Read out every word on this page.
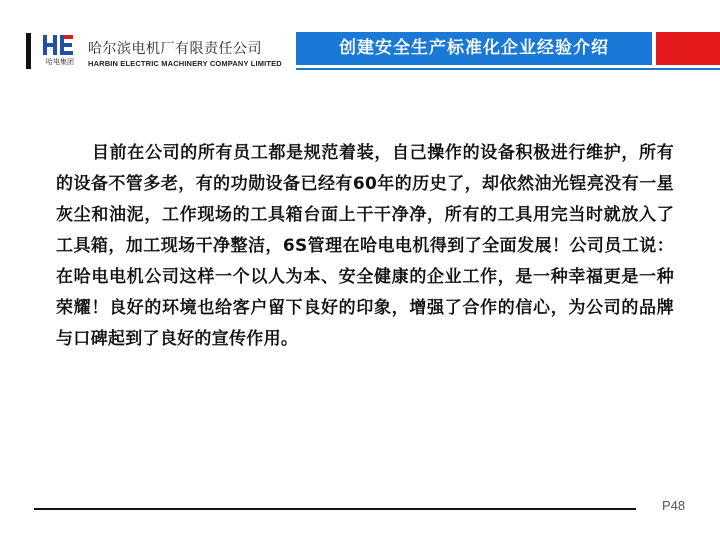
哈电集团
哈尔滨电机厂有限责任公司
HARBIN ELECTRIC MACHINERY COMPANY LIMITED
创建安全生产标准化企业经验介绍

目前在公司的所有员工都是规范着装，自己操作的设备积极进行维护，所有的设备不管多老，有的功勋设备已经有60年的历史了，却依然油光锃亮没有一星灰尘和油泥，工作现场的工具箱台面上干干净净，所有的工具用完当时就放入了工具箱，加工现场干净整洁，6S管理在哈电电机得到了全面发展！公司员工说：在哈电电机公司这样一个以人为本、安全健康的企业工作，是一种幸福更是一种荣耀！良好的环境也给客户留下良好的印象，增强了合作的信心，为公司的品牌与口碑起到了良好的宣传作用。

P48
